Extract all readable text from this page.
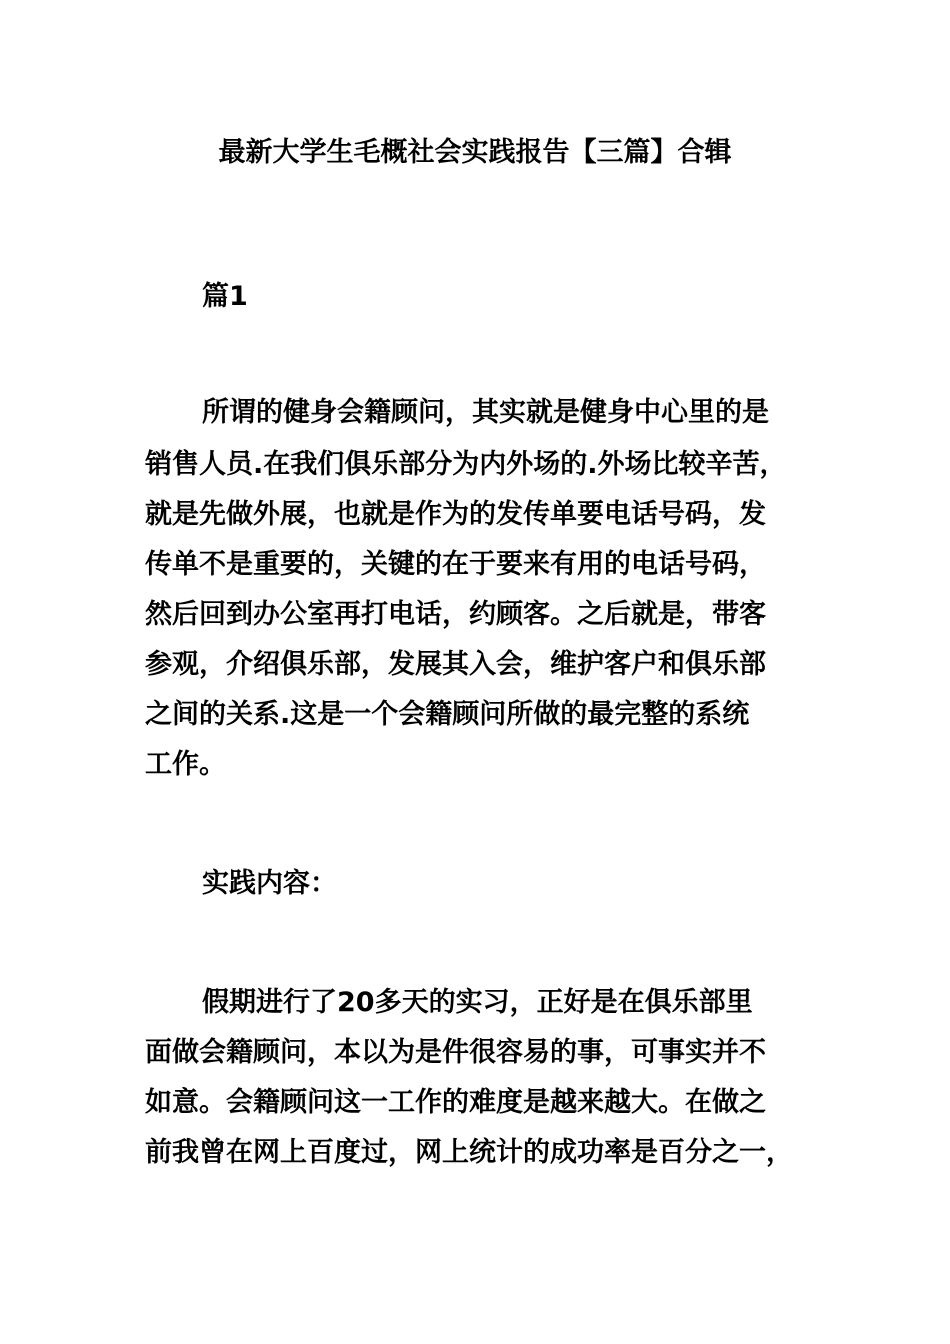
最新大学生毛概社会实践报告【三篇】合辑
篇1
所谓的健身会籍顾问，其实就是健身中心里的是
销售人员.在我们俱乐部分为内外场的.外场比较辛苦，
就是先做外展，也就是作为的发传单要电话号码，发
传单不是重要的，关键的在于要来有用的电话号码，
然后回到办公室再打电话，约顾客。之后就是，带客
参观，介绍俱乐部，发展其入会，维护客户和俱乐部
之间的关系.这是一个会籍顾问所做的最完整的系统
工作。
实践内容：
假期进行了20多天的实习，正好是在俱乐部里
面做会籍顾问，本以为是件很容易的事，可事实并不
如意。会籍顾问这一工作的难度是越来越大。在做之
前我曾在网上百度过，网上统计的成功率是百分之一，
